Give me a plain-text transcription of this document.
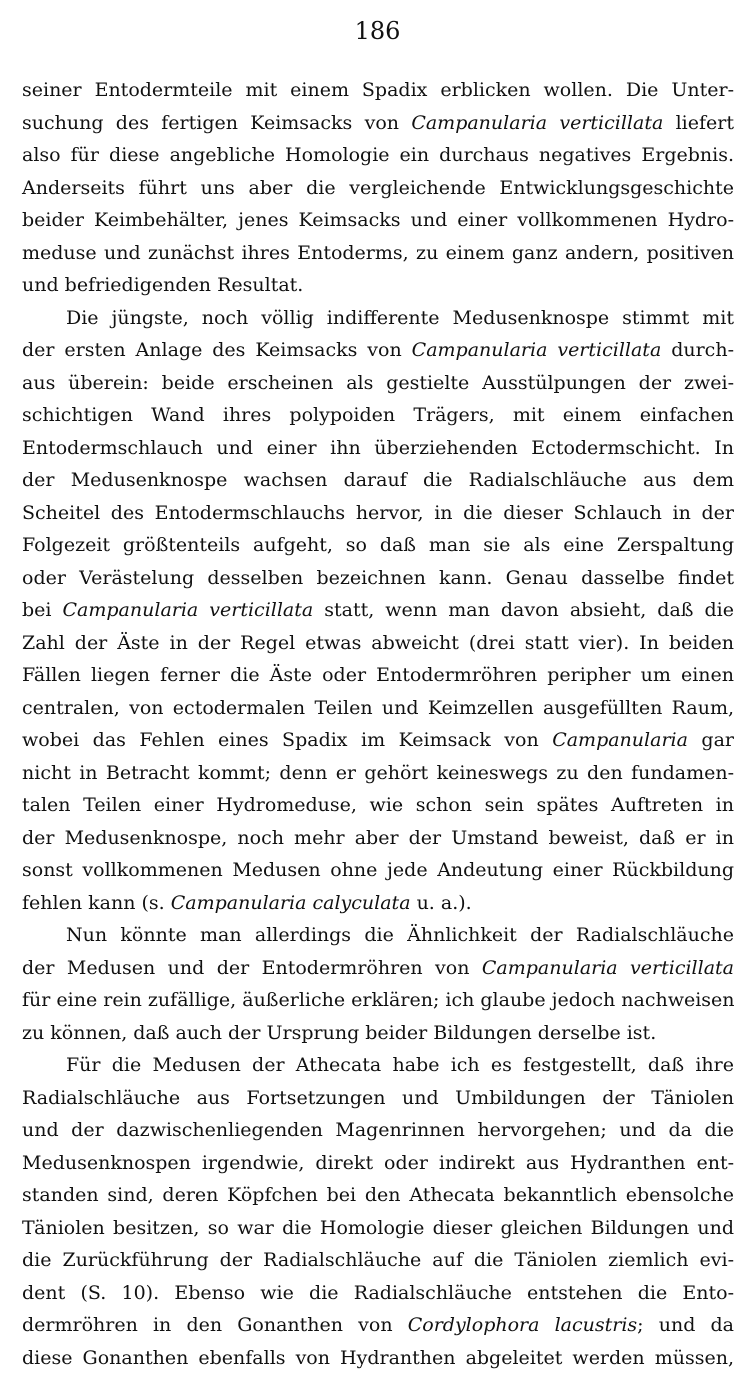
186
seiner Entodermteile mit einem Spadix erblicken wollen. Die Unter-
suchung des fertigen Keimsacks von Campanularia verticillata liefert
also für diese angebliche Homologie ein durchaus negatives Ergebnis.
Anderseits führt uns aber die vergleichende Entwicklungsgeschichte
beider Keimbehälter, jenes Keimsacks und einer vollkommenen Hydro-
meduse und zunächst ihres Entoderms, zu einem ganz andern, positiven
und befriedigenden Resultat.
Die jüngste, noch völlig indifferente Medusenknospe stimmt mit
der ersten Anlage des Keimsacks von Campanularia verticillata durch-
aus überein: beide erscheinen als gestielte Ausstülpungen der zwei-
schichtigen Wand ihres polypoiden Trägers, mit einem einfachen
Entodermschlauch und einer ihn überziehenden Ectodermschicht. In
der Medusenknospe wachsen darauf die Radialschläuche aus dem
Scheitel des Entodermschlauchs hervor, in die dieser Schlauch in der
Folgezeit größtenteils aufgeht, so daß man sie als eine Zerspaltung
oder Verästelung desselben bezeichnen kann. Genau dasselbe findet
bei Campanularia verticillata statt, wenn man davon absieht, daß die
Zahl der Äste in der Regel etwas abweicht (drei statt vier). In beiden
Fällen liegen ferner die Äste oder Entodermröhren peripher um einen
centralen, von ectodermalen Teilen und Keimzellen ausgefüllten Raum,
wobei das Fehlen eines Spadix im Keimsack von Campanularia gar
nicht in Betracht kommt; denn er gehört keineswegs zu den fundamen-
talen Teilen einer Hydromeduse, wie schon sein spätes Auftreten in
der Medusenknospe, noch mehr aber der Umstand beweist, daß er in
sonst vollkommenen Medusen ohne jede Andeutung einer Rückbildung
fehlen kann (s. Campanularia calyculata u. a.).
Nun könnte man allerdings die Ähnlichkeit der Radialschläuche
der Medusen und der Entodermröhren von Campanularia verticillata
für eine rein zufällige, äußerliche erklären; ich glaube jedoch nachweisen
zu können, daß auch der Ursprung beider Bildungen derselbe ist.
Für die Medusen der Athecata habe ich es festgestellt, daß ihre
Radialschläuche aus Fortsetzungen und Umbildungen der Täniolen
und der dazwischenliegenden Magenrinnen hervorgehen; und da die
Medusenknospen irgendwie, direkt oder indirekt aus Hydranthen ent-
standen sind, deren Köpfchen bei den Athecata bekanntlich ebensolche
Täniolen besitzen, so war die Homologie dieser gleichen Bildungen und
die Zurückführung der Radialschläuche auf die Täniolen ziemlich evi-
dent (S. 10). Ebenso wie die Radialschläuche entstehen die Ento-
dermröhren in den Gonanthen von Cordylophora lacustris; und da
diese Gonanthen ebenfalls von Hydranthen abgeleitet werden müssen,
